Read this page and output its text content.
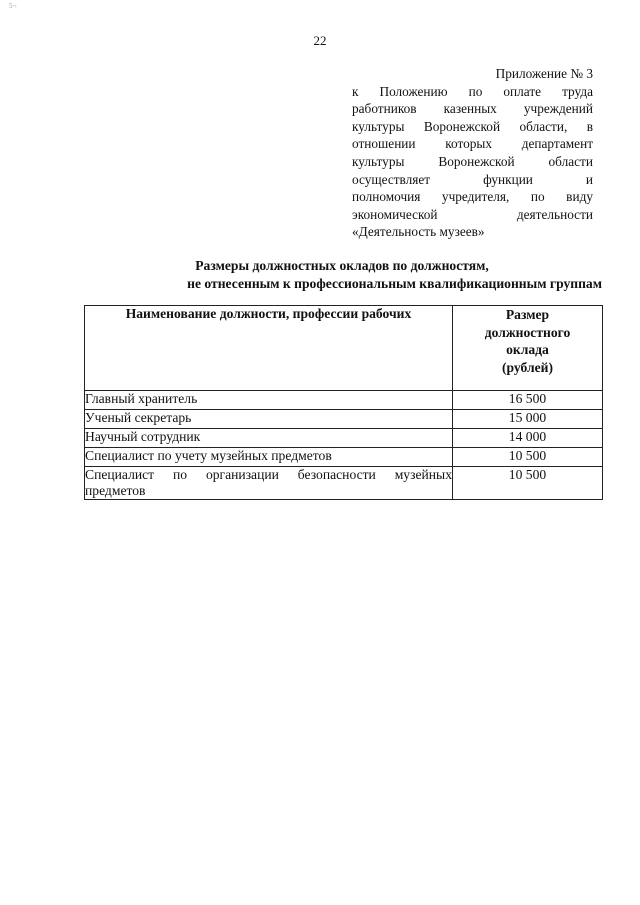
5¬
22
Приложение № 3
к Положению по оплате труда
работников казенных учреждений
культуры Воронежской области, в
отношении которых департамент
культуры Воронежской области
осуществляет функции и
полномочия учредителя, по виду
экономической деятельности
«Деятельность музеев»
Размеры должностных окладов по должностям,
не отнесенным к профессиональным квалификационным группам
Наименование должности, профессии рабочих	Размер
должностного
оклада
(рублей)

Главный хранитель	16 500
Ученый секретарь	15 000
Научный сотрудник	14 000
Специалист по учету музейных предметов	10 500
Специалист по организации безопасности музейных предметов	10 500
